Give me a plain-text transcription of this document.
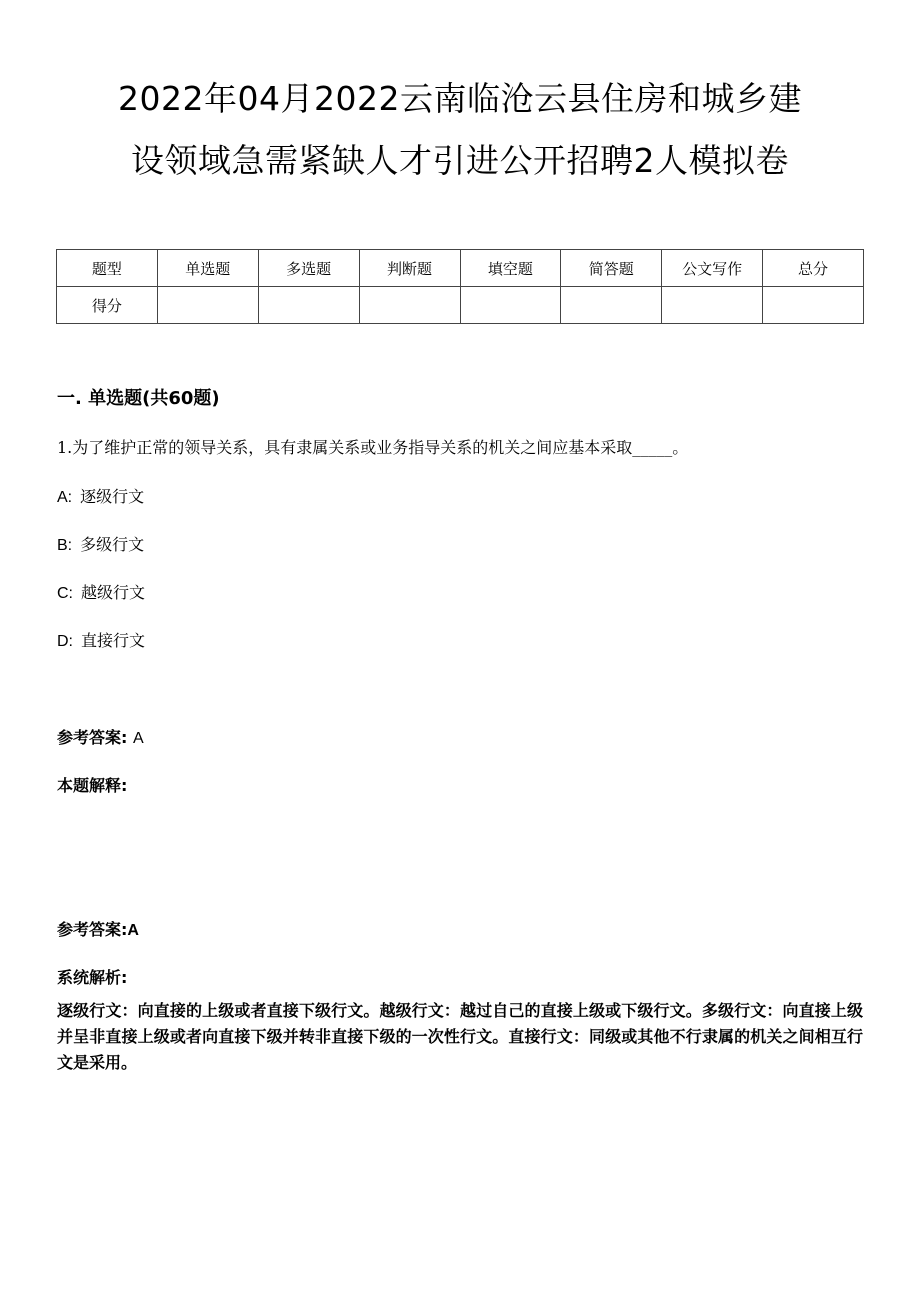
2022年04月2022云南临沧云县住房和城乡建
设领域急需紧缺人才引进公开招聘2人模拟卷
题型	单选题	多选题	判断题	填空题	简答题	公文写作	总分
得分							
一. 单选题(共60题)
1.为了维护正常的领导关系，具有隶属关系或业务指导关系的机关之间应基本采取_____。
A: 逐级行文
B: 多级行文
C: 越级行文
D: 直接行文
参考答案: A
本题解释:
参考答案:A
系统解析:

逐级行文：向直接的上级或者直接下级行文。越级行文：越过自己的直接上级或下级行文。多级行文：向直接上级并呈非直接上级或者向直接下级并转非直接下级的一次性行文。直接行文：同级或其他不行隶属的机关之间相互行文是采用。
